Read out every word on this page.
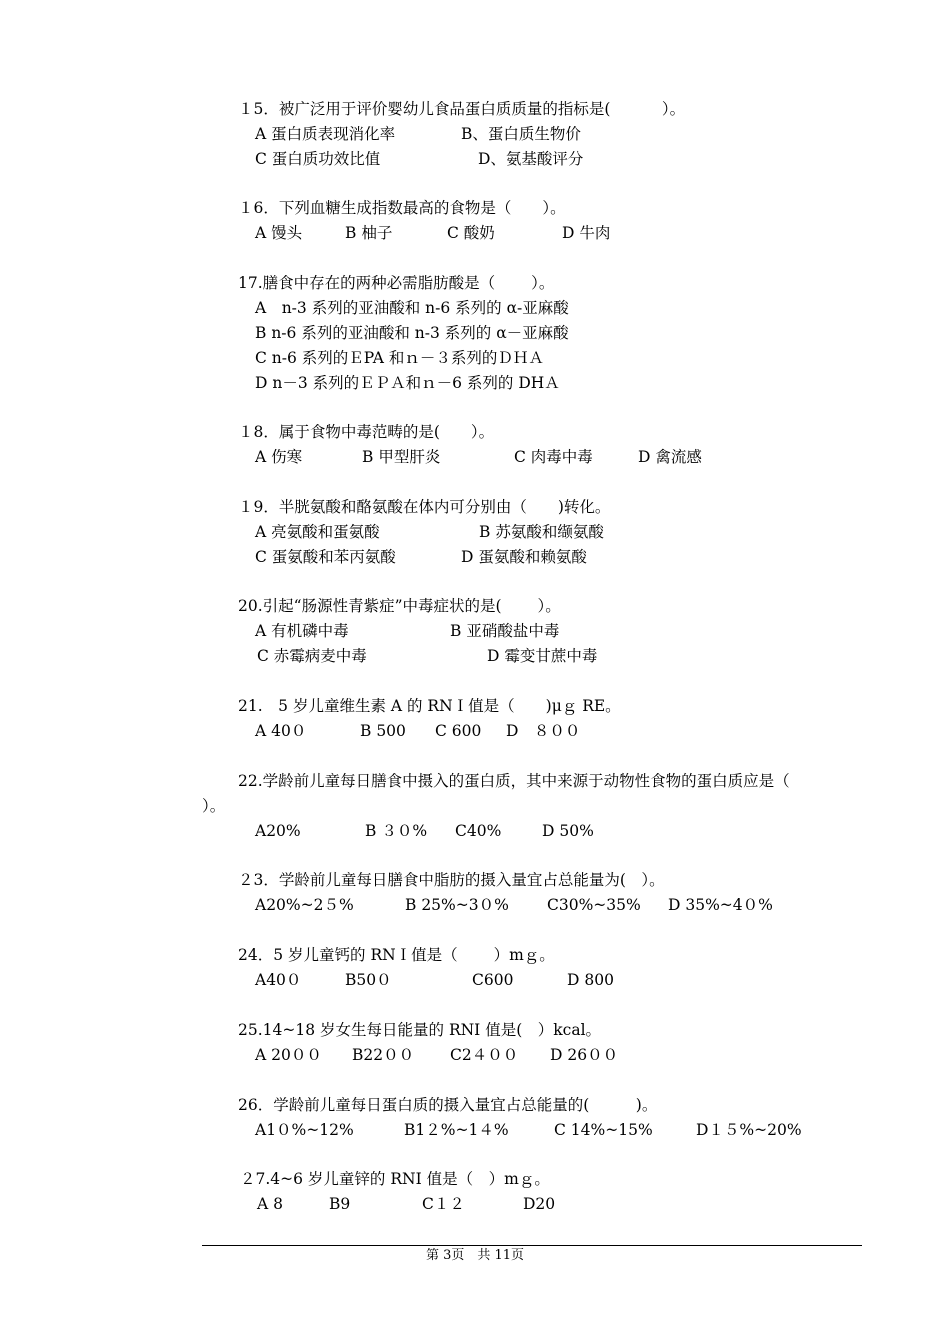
１5．被广泛用于评价婴幼儿食品蛋白质质量的指标是(　　　 ）。
A 蛋白质表现消化率	B、蛋白质生物价
C 蛋白质功效比值	D、氨基酸评分
１6．下列血糖生成指数最高的食物是（　　）。
A 馒头	B 柚子	C 酸奶	D 牛肉
17.膳食中存在的两种必需脂肪酸是（　　 ）。
A　n-3 系列的亚油酸和 n-6 系列的 α-亚麻酸
B n-6 系列的亚油酸和 n-3 系列的 α－亚麻酸
C n-6 系列的ＥPA 和ｎ－３系列的ＤＨＡ
D n－3 系列的ＥＰＡ和ｎ－6 系列的 DHＡ
１8．属于食物中毒范畴的是(　　）。
A 伤寒	B 甲型肝炎	C 肉毒中毒	D 禽流感
１9．半胱氨酸和酪氨酸在体内可分别由（　　)转化。
A 亮氨酸和蛋氨酸	B 苏氨酸和缬氨酸
C 蛋氨酸和苯丙氨酸	D 蛋氨酸和赖氨酸
20.引起“肠源性青紫症”中毒症状的是(　　 ）。
A 有机磷中毒	B 亚硝酸盐中毒
C 赤霉病麦中毒	D 霉变甘蔗中毒
21.　5 岁儿童维生素 A 的 RNＩ值是（　　)μｇ RE。
A 40０	B 500 C 600 D　８００
22.学龄前儿童每日膳食中摄入的蛋白质，其中来源于动物性食物的蛋白质应是（
）。
A20%	B ３０% C40%	D 50%
２3．学龄前儿童每日膳食中脂肪的摄入量宜占总能量为(　）。
A20%~2５%	B 25%~3０% C30%~35% D 35%~4０%
24．5 岁儿童钙的 RNＩ值是（　　 ）mｇ。
A40０	B50０	C600	D 800
25.14~18 岁女生每日能量的 RNI 值是(　）kcal。
A 20００ B22００ C2４００ D 26００
26．学龄前儿童每日蛋白质的摄入量宜占总能量的(　　　)。
A1０%~12%	B1２%~1４%	C 14%~15%	D１５%~20%
２7.4~6 岁儿童锌的 RNI 值是（　）mｇ。
A 8	B9	C１２	D20
第 3页　共 11页
